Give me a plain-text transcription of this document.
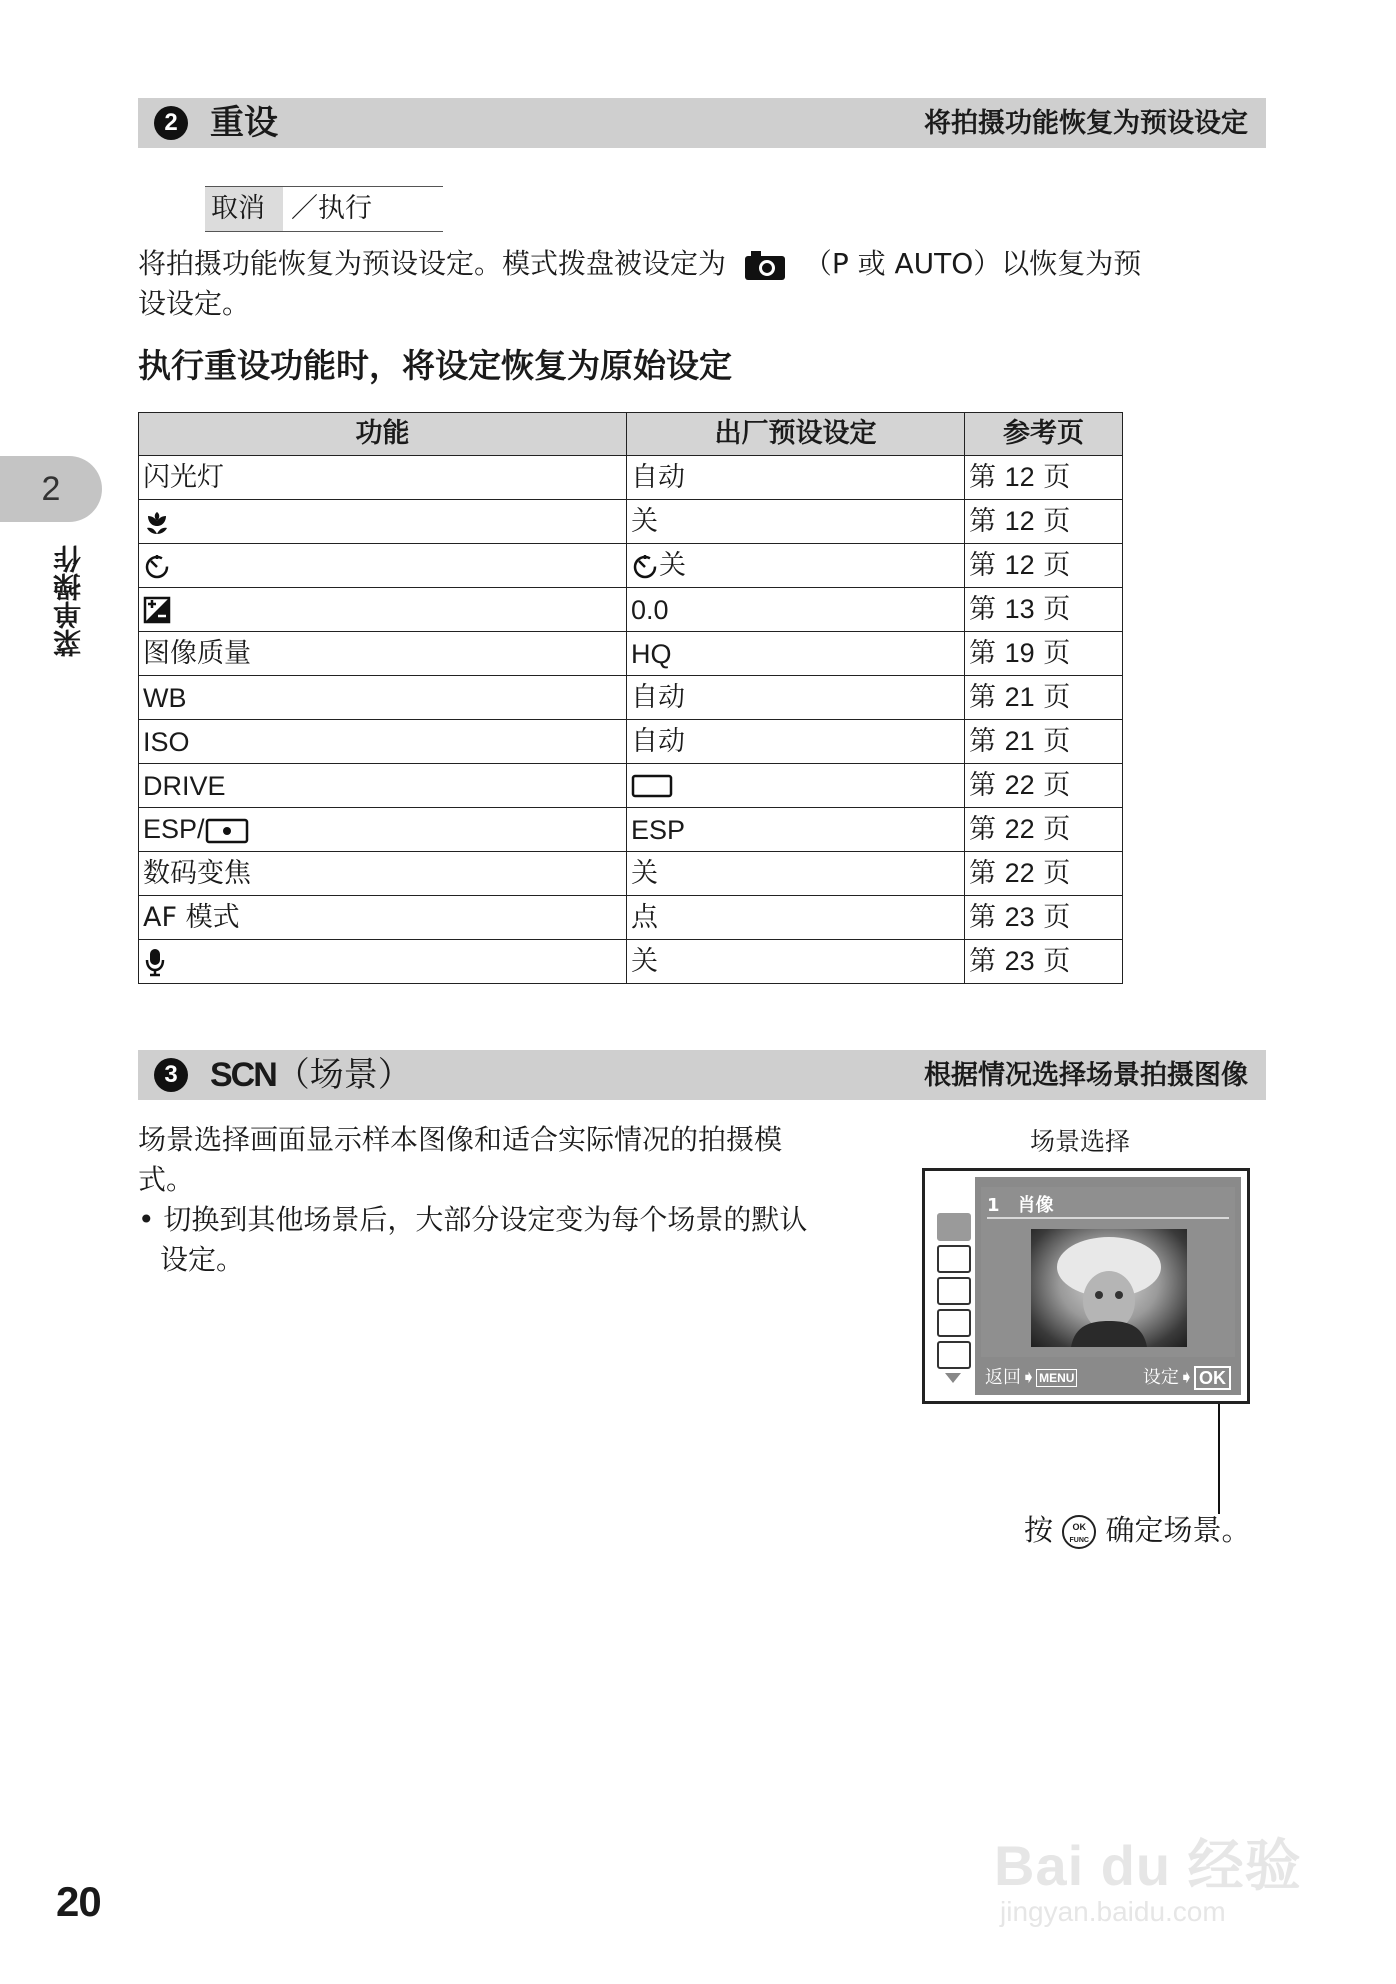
2 重设	将拍摄功能恢复为预设设定
取消 ／执行
将拍摄功能恢复为预设设定。模式拨盘被设定为	（P 或 AUTO）以恢复为预
设设定。
执行重设功能时，将设定恢复为原始设定
功能	出厂预设设定	参考页
闪光灯	自动	第 12 页
	关	第 12 页
	关	第 12 页
	0.0	第 13 页
图像质量	HQ	第 19 页
WB	自动	第 21 页
ISO	自动	第 21 页
DRIVE		第 22 页
ESP/	ESP	第 22 页
数码变焦	关	第 22 页
AF 模式	点	第 23 页
	关	第 23 页
2
菜单操作
3 SCN（场景）	根据情况选择场景拍摄图像
场景选择画面显示样本图像和适合实际情况的拍摄模
式。
• 切换到其他场景后，大部分设定变为每个场景的默认
设定。
场景选择
1　肖像
返回➧ MENU	设定➧ OK
按 OK
FUNC 确定场景。
20
Bai du 经验
jingyan.baidu.com
